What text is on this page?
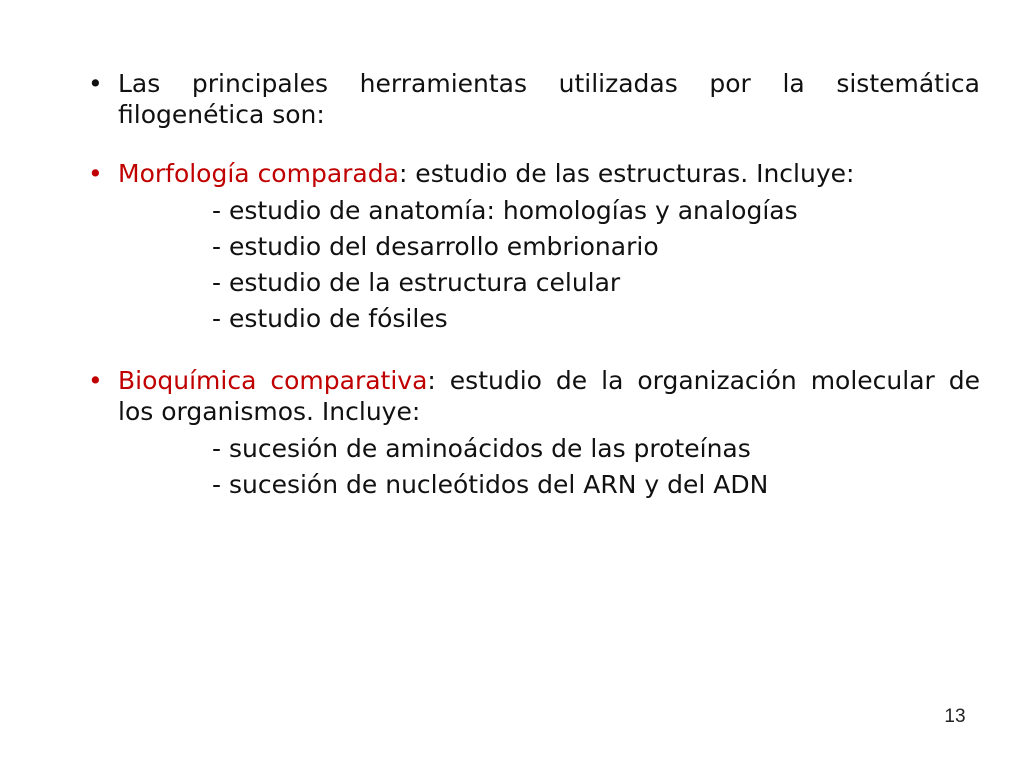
• Las principales herramientas utilizadas por la sistemática filogenética son:
• Morfología comparada: estudio de las estructuras. Incluye:
- estudio de anatomía: homologías y analogías
- estudio del desarrollo embrionario
- estudio de la estructura celular
- estudio de fósiles
• Bioquímica comparativa: estudio de la organización molecular de los organismos. Incluye:
- sucesión de aminoácidos de las proteínas
- sucesión de nucleótidos del ARN y del ADN
13
